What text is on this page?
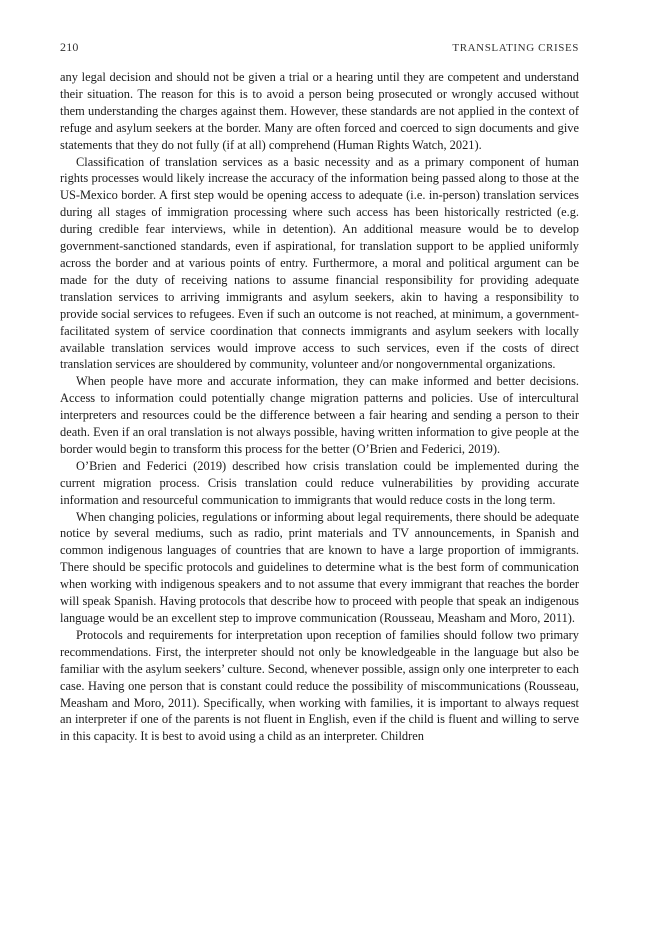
210	TRANSLATING CRISES

any legal decision and should not be given a trial or a hearing until they are competent and understand their situation. The reason for this is to avoid a person being prosecuted or wrongly accused without them understanding the charges against them. However, these standards are not applied in the context of refuge and asylum seekers at the border. Many are often forced and coerced to sign documents and give statements that they do not fully (if at all) comprehend (Human Rights Watch, 2021).

Classification of translation services as a basic necessity and as a primary component of human rights processes would likely increase the accuracy of the information being passed along to those at the US-Mexico border. A first step would be opening access to adequate (i.e. in-person) translation services during all stages of immigration processing where such access has been historically restricted (e.g. during credible fear interviews, while in detention). An additional measure would be to develop government-sanctioned standards, even if aspirational, for translation support to be applied uniformly across the border and at various points of entry. Furthermore, a moral and political argument can be made for the duty of receiving nations to assume financial responsibility for providing adequate translation services to arriving immigrants and asylum seekers, akin to having a responsibility to provide social services to refugees. Even if such an outcome is not reached, at minimum, a government-facilitated system of service coordination that connects immigrants and asylum seekers with locally available translation services would improve access to such services, even if the costs of direct translation services are shouldered by community, volunteer and/or nongovernmental organizations.

When people have more and accurate information, they can make informed and better decisions. Access to information could potentially change migration patterns and policies. Use of intercultural interpreters and resources could be the difference between a fair hearing and sending a person to their death. Even if an oral translation is not always possible, having written information to give people at the border would begin to transform this process for the better (O’Brien and Federici, 2019).

O’Brien and Federici (2019) described how crisis translation could be implemented during the current migration process. Crisis translation could reduce vulnerabilities by providing accurate information and resourceful communication to immigrants that would reduce costs in the long term.

When changing policies, regulations or informing about legal requirements, there should be adequate notice by several mediums, such as radio, print materials and TV announcements, in Spanish and common indigenous languages of countries that are known to have a large proportion of immigrants. There should be specific protocols and guidelines to determine what is the best form of communication when working with indigenous speakers and to not assume that every immigrant that reaches the border will speak Spanish. Having protocols that describe how to proceed with people that speak an indigenous language would be an excellent step to improve communication (Rousseau, Measham and Moro, 2011).

Protocols and requirements for interpretation upon reception of families should follow two primary recommendations. First, the interpreter should not only be knowledgeable in the language but also be familiar with the asylum seekers’ culture. Second, whenever possible, assign only one interpreter to each case. Having one person that is constant could reduce the possibility of miscommunications (Rousseau, Measham and Moro, 2011). Specifically, when working with families, it is important to always request an interpreter if one of the parents is not fluent in English, even if the child is fluent and willing to serve in this capacity. It is best to avoid using a child as an interpreter. Children
